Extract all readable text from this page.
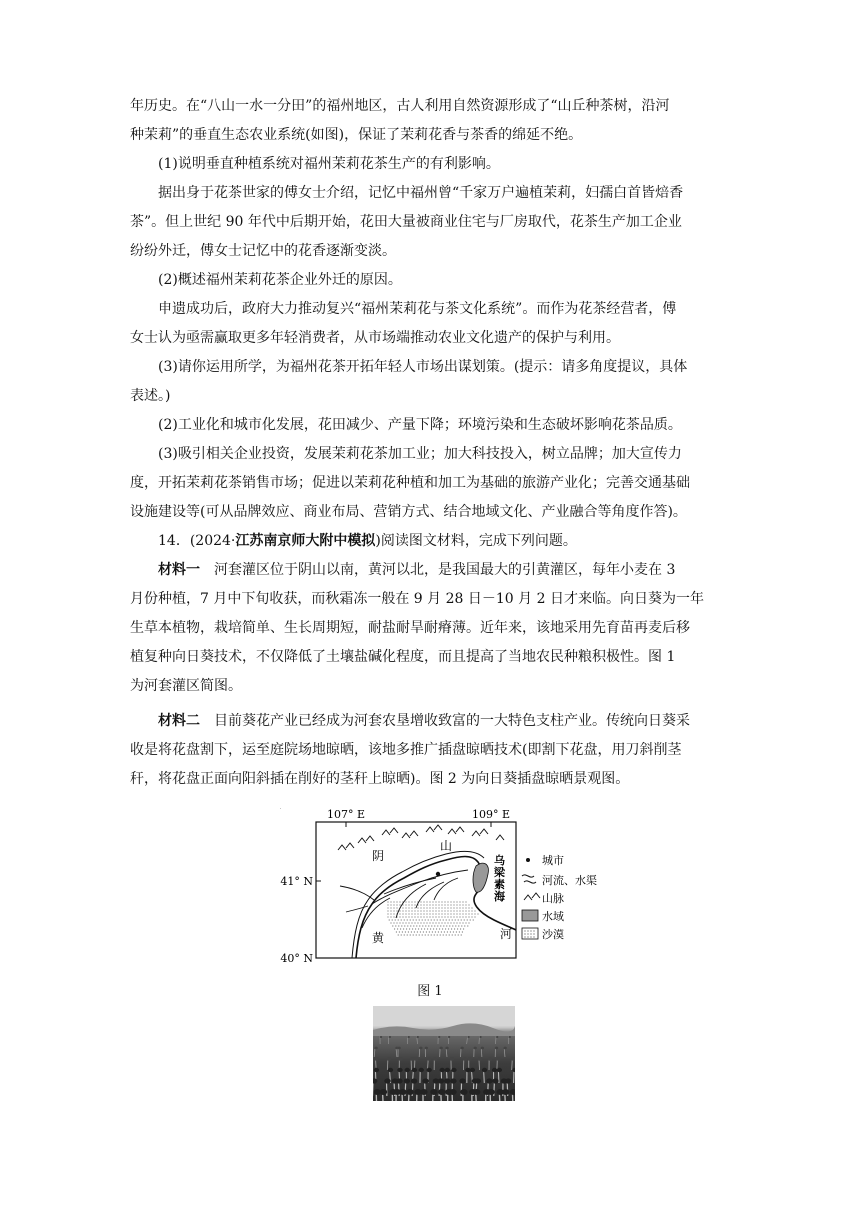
年历史。在“八山一水一分田”的福州地区，古人利用自然资源形成了“山丘种茶树，沿河
种茉莉”的垂直生态农业系统(如图)，保证了茉莉花香与茶香的绵延不绝。
(1)说明垂直种植系统对福州茉莉花茶生产的有利影响。
据出身于花茶世家的傅女士介绍，记忆中福州曾“千家万户遍植茉莉，妇孺白首皆焙香
茶”。但上世纪 90 年代中后期开始，花田大量被商业住宅与厂房取代，花茶生产加工企业
纷纷外迁，傅女士记忆中的花香逐渐变淡。
(2)概述福州茉莉花茶企业外迁的原因。
申遗成功后，政府大力推动复兴“福州茉莉花与茶文化系统”。而作为花茶经营者，傅
女士认为亟需赢取更多年轻消费者，从市场端推动农业文化遗产的保护与利用。
(3)请你运用所学，为福州花茶开拓年轻人市场出谋划策。(提示：请多角度提议，具体
表述。)
(2)工业化和城市化发展，花田减少、产量下降；环境污染和生态破坏影响花茶品质。
(3)吸引相关企业投资，发展茉莉花茶加工业；加大科技投入，树立品牌；加大宣传力
度，开拓茉莉花茶销售市场；促进以茉莉花种植和加工为基础的旅游产业化；完善交通基础
设施建设等(可从品牌效应、商业布局、营销方式、结合地域文化、产业融合等角度作答)。
14．(2024·江苏南京师大附中模拟)阅读图文材料，完成下列问题。
材料一　河套灌区位于阴山以南，黄河以北，是我国最大的引黄灌区，每年小麦在 3
月份种植，7 月中下旬收获，而秋霜冻一般在 9 月 28 日－10 月 2 日才来临。向日葵为一年
生草本植物，栽培简单、生长周期短，耐盐耐旱耐瘠薄。近年来，该地采用先育苗再麦后移
植复种向日葵技术，不仅降低了土壤盐碱化程度，而且提高了当地农民种粮积极性。图 1
为河套灌区简图。
材料二　目前葵花产业已经成为河套农垦增收致富的一大特色支柱产业。传统向日葵采
收是将花盘割下，运至庭院场地晾晒，该地多推广插盘晾晒技术(即割下花盘，用刀斜削茎
秆，将花盘正面向阳斜插在削好的茎秆上晾晒)。图 2 为向日葵插盘晾晒景观图。
107° E	109° E
41° N
40° N
阴
山
乌
梁
素
海
黄	河
城市
河流、水渠
山脉
水域
沙漠
图 1
